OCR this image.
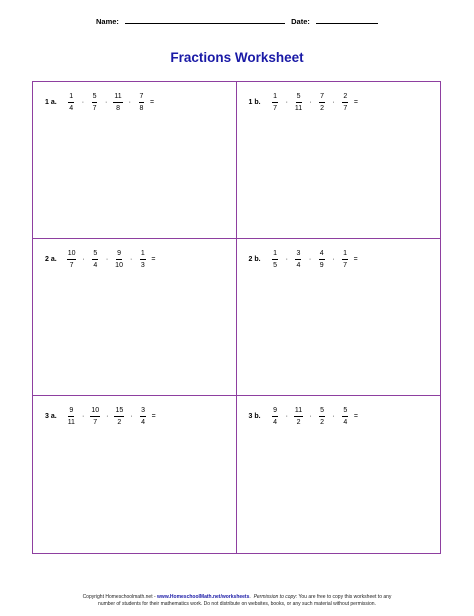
Name:	Date:
Fractions Worksheet
1 a. $\frac{1}{4} \cdot \frac{5}{7} \cdot \frac{11}{8} \cdot \frac{7}{8}$ =	1 b. $\frac{1}{7} \cdot \frac{5}{11} \cdot \frac{7}{2} \cdot \frac{2}{7}$ =
2 a. $\frac{10}{7} \cdot \frac{5}{4} \cdot \frac{9}{10} \cdot \frac{1}{3}$ =	2 b. $\frac{1}{5} \cdot \frac{3}{4} \cdot \frac{4}{9} \cdot \frac{1}{7}$ =
3 a. $\frac{9}{11} \cdot \frac{10}{7} \cdot \frac{15}{2} \cdot \frac{3}{4}$ =	3 b. $\frac{9}{4} \cdot \frac{11}{2} \cdot \frac{5}{2} \cdot \frac{5}{4}$ =
Copyright Homeschoolmath.net - www.HomeschoolMath.net/worksheets.  Permission to copy: You are free to copy this worksheet to any
number of students for their mathematics work. Do not distribute on websites, books, or any such material without permission.
